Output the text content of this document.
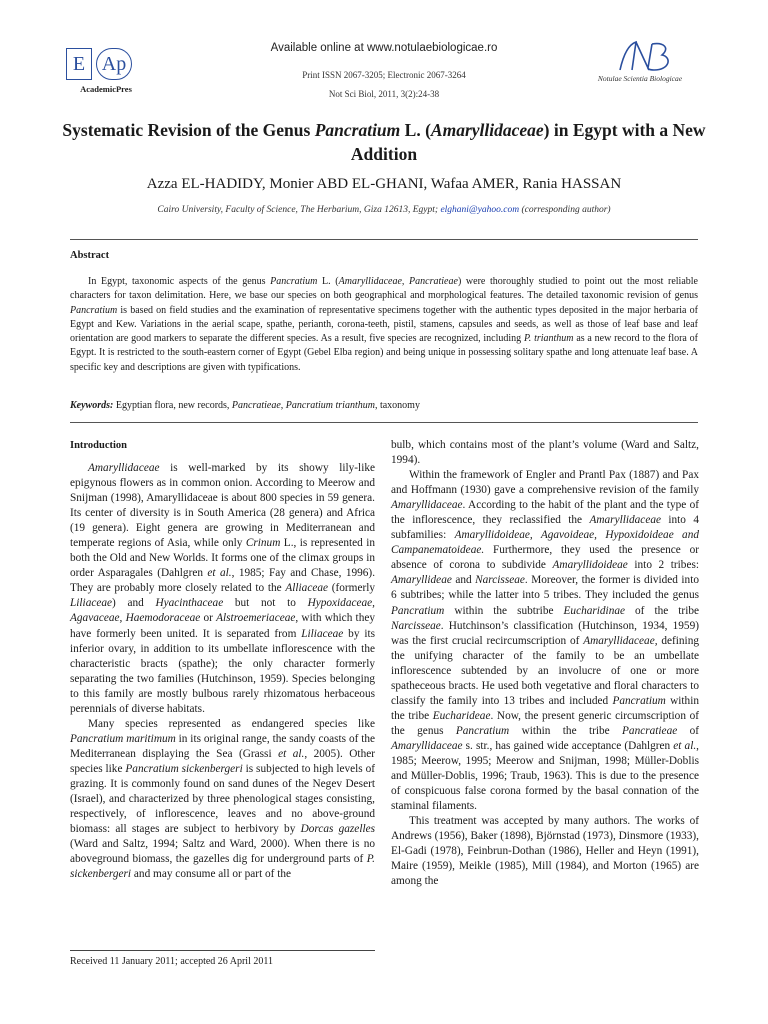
E Ap
AcademicPres
Available online at www.notulaebiologicae.ro
Print ISSN 2067-3205; Electronic 2067-3264
Not Sci Biol, 2011, 3(2):24-38
Notulae Scientia Biologicae
Systematic Revision of the Genus Pancratium L. (Amaryllidaceae) in Egypt with a New Addition
Azza EL-HADIDY, Monier ABD EL-GHANI, Wafaa AMER, Rania HASSAN
Cairo University, Faculty of Science, The Herbarium, Giza 12613, Egypt; elghani@yahoo.com (corresponding author)
Abstract

In Egypt, taxonomic aspects of the genus Pancratium L. (Amaryllidaceae, Pancratieae) were thoroughly studied to point out the most reliable characters for taxon delimitation. Here, we base our species on both geographical and morphological features. The detailed taxonomic revision of genus Pancratium is based on field studies and the examination of representative specimens together with the authentic types deposited in the major herbaria of Egypt and Kew. Variations in the aerial scape, spathe, perianth, corona-teeth, pistil, stamens, capsules and seeds, as well as those of leaf base and leaf orientation are good markers to separate the different species. As a result, five species are recognized, including P. trianthum as a new record to the flora of Egypt. It is restricted to the south-eastern corner of Egypt (Gebel Elba region) and being unique in possessing solitary spathe and long attenuate leaf base. A specific key and descriptions are given with typifications.

Keywords: Egyptian flora, new records, Pancratieae, Pancratium trianthum, taxonomy
Introduction

Amaryllidaceae is well-marked by its showy lily-like epigynous flowers as in common onion. According to Meerow and Snijman (1998), Amaryllidaceae is about 800 species in 59 genera. Its center of diversity is in South America (28 genera) and Africa (19 genera). Eight genera are growing in Mediterranean and temperate regions of Asia, while only Crinum L., is represented in both the Old and New Worlds. It forms one of the climax groups in order Asparagales (Dahlgren et al., 1985; Fay and Chase, 1996). They are probably more closely related to the Alliaceae (formerly Liliaceae) and Hyacinthaceae but not to Hypoxidaceae, Agavaceae, Haemodoraceae or Alstroemeriaceae, with which they have formerly been united. It is separated from Liliaceae by its inferior ovary, in addition to its umbellate inflorescence with the characteristic bracts (spathe); the only character formerly separating the two families (Hutchinson, 1959). Species belonging to this family are mostly bulbous rarely rhizomatous herbaceous perennials of diverse habitats.

Many species represented as endangered species like Pancratium maritimum in its original range, the sandy coasts of the Mediterranean displaying the Sea (Grassi et al., 2005). Other species like Pancratium sickenbergeri is subjected to high levels of grazing. It is commonly found on sand dunes of the Negev Desert (Israel), and characterized by three phenological stages consisting, respectively, of inflorescence, leaves and no above-ground biomass: all stages are subject to herbivory by Dorcas gazelles (Ward and Saltz, 1994; Saltz and Ward, 2000). When there is no aboveground biomass, the gazelles dig for underground parts of P. sickenbergeri and may consume all or part of the

bulb, which contains most of the plant’s volume (Ward and Saltz, 1994).

Within the framework of Engler and Prantl Pax (1887) and Pax and Hoffmann (1930) gave a comprehensive revision of the family Amaryllidaceae. According to the habit of the plant and the type of the inflorescence, they reclassified the Amaryllidaceae into 4 subfamilies: Amaryllidoideae, Agavoideae, Hypoxidoideae and Campanematoideae. Furthermore, they used the presence or absence of corona to subdivide Amaryllidoideae into 2 tribes: Amaryllideae and Narcisseae. Moreover, the former is divided into 6 subtribes; while the latter into 5 tribes. They included the genus Pancratium within the subtribe Eucharidinae of the tribe Narcisseae. Hutchinson’s classification (Hutchinson, 1934, 1959) was the first crucial recircumscription of Amaryllidaceae, defining the unifying character of the family to be an umbellate inflorescence subtended by an involucre of one or more spatheceous bracts. He used both vegetative and floral characters to classify the family into 13 tribes and included Pancratium within the tribe Eucharideae. Now, the present generic circumscription of the genus Pancratium within the tribe Pancratieae of Amaryllidaceae s. str., has gained wide acceptance (Dahlgren et al., 1985; Meerow, 1995; Meerow and Snijman, 1998; Müller-Doblis and Müller-Doblis, 1996; Traub, 1963). This is due to the presence of conspicuous false corona formed by the basal connation of the staminal filaments.

This treatment was accepted by many authors. The works of Andrews (1956), Baker (1898), Björnstad (1973), Dinsmore (1933), El-Gadi (1978), Feinbrun-Dothan (1986), Heller and Heyn (1991), Maire (1959), Meikle (1985), Mill (1984), and Morton (1965) are among the

Received 11 January 2011; accepted 26 April 2011
